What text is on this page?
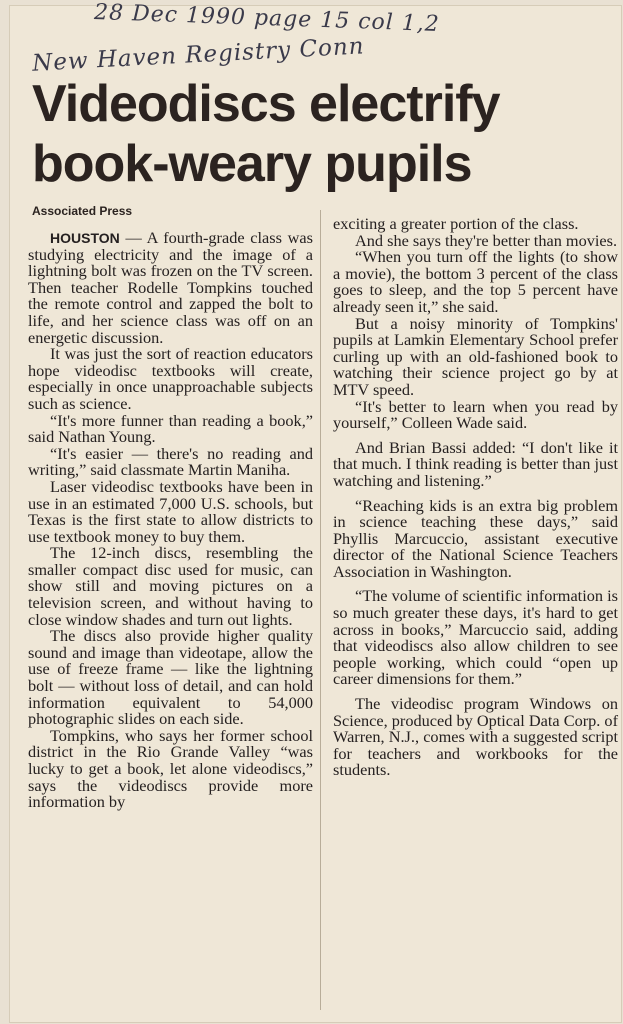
28 Dec 1990 page 15 col 1,2
New Haven Registry Conn
Videodiscs electrify
book-weary pupils
Associated Press

HOUSTON — A fourth-grade class was studying electricity and the image of a lightning bolt was frozen on the TV screen. Then teacher Rodelle Tompkins touched the remote control and zapped the bolt to life, and her science class was off on an energetic discussion.

It was just the sort of reaction educators hope videodisc textbooks will create, especially in once unapproachable subjects such as science.

“It's more funner than reading a book,” said Nathan Young.

“It's easier — there's no reading and writing,” said classmate Martin Maniha.

Laser videodisc textbooks have been in use in an estimated 7,000 U.S. schools, but Texas is the first state to allow districts to use textbook money to buy them.

The 12-inch discs, resembling the smaller compact disc used for music, can show still and moving pictures on a television screen, and without having to close window shades and turn out lights.

The discs also provide higher quality sound and image than videotape, allow the use of freeze frame — like the lightning bolt — without loss of detail, and can hold information equivalent to 54,000 photographic slides on each side.

Tompkins, who says her former school district in the Rio Grande Valley “was lucky to get a book, let alone videodiscs,” says the videodiscs provide more information by

exciting a greater portion of the class.

And she says they're better than movies.

“When you turn off the lights (to show a movie), the bottom 3 percent of the class goes to sleep, and the top 5 percent have already seen it,” she said.

But a noisy minority of Tompkins' pupils at Lamkin Elementary School prefer curling up with an old-fashioned book to watching their science project go by at MTV speed.

“It's better to learn when you read by yourself,” Colleen Wade said.

And Brian Bassi added: “I don't like it that much. I think reading is better than just watching and listening.”

“Reaching kids is an extra big problem in science teaching these days,” said Phyllis Marcuccio, assistant executive director of the National Science Teachers Association in Washington.

“The volume of scientific information is so much greater these days, it's hard to get across in books,” Marcuccio said, adding that videodiscs also allow children to see people working, which could “open up career dimensions for them.”

The videodisc program Windows on Science, produced by Optical Data Corp. of Warren, N.J., comes with a suggested script for teachers and workbooks for the students.
